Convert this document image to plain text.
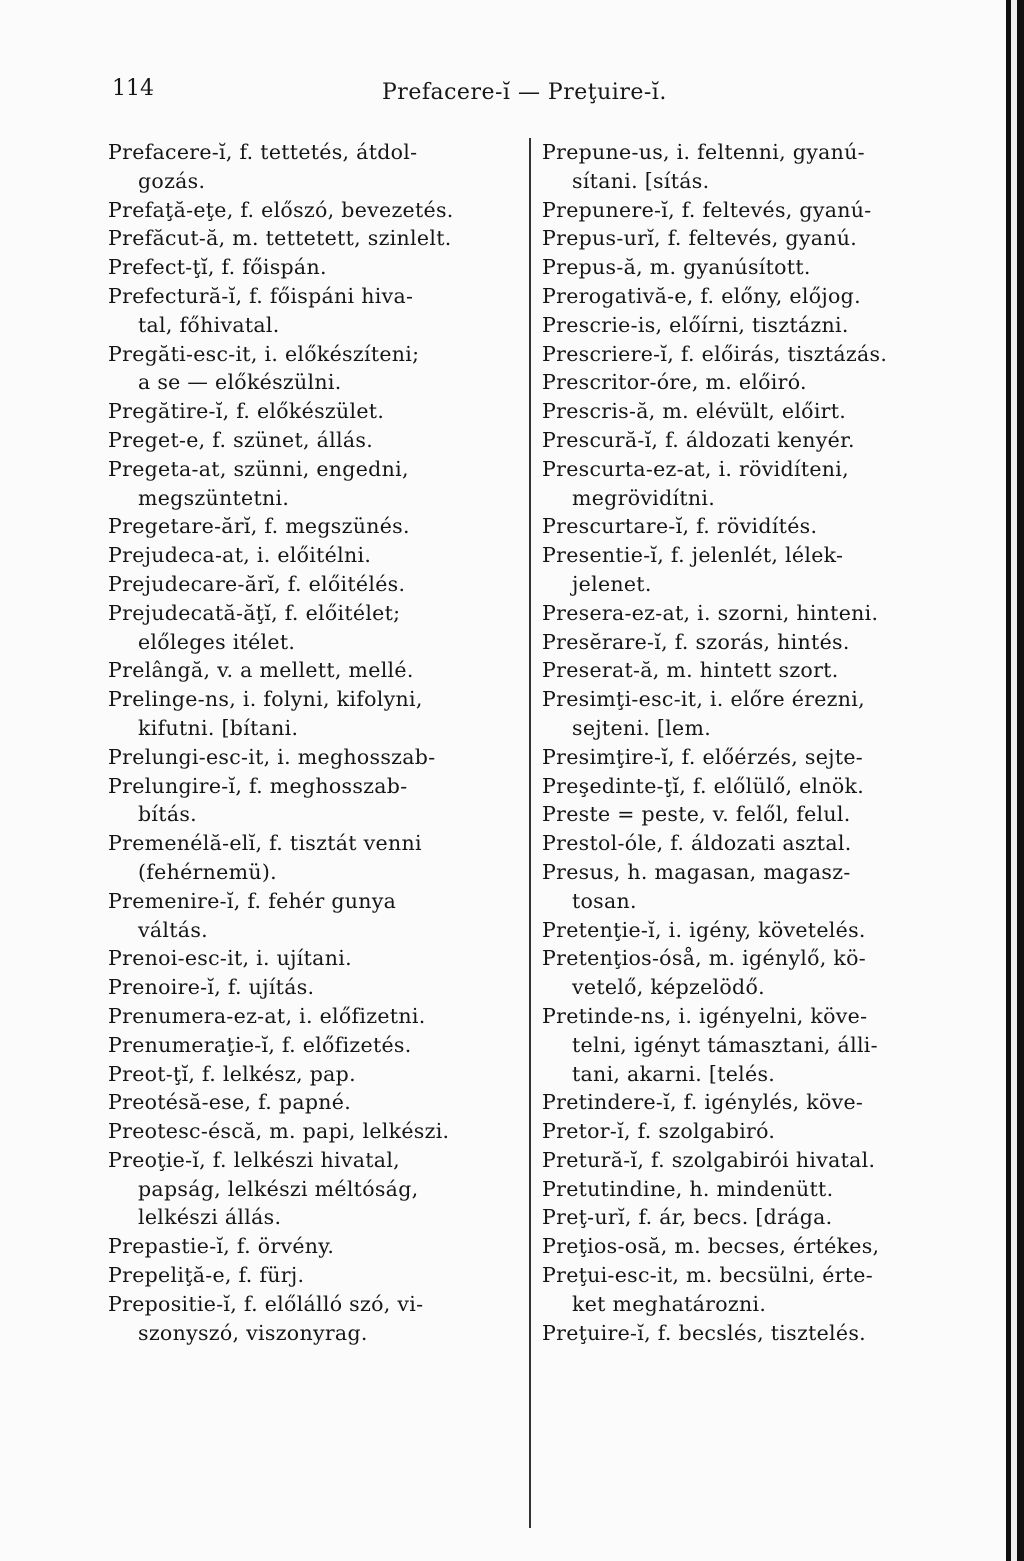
114	Prefacere-ĭ — Preţuire-ĭ.
Prefacere-ĭ, f. tettetés, átdol-
gozás.
Prefaţă-eţe, f. előszó, bevezetés.
Prefăcut-ă, m. tettetett, szinlelt.
Prefect-ţĭ, f. főispán.
Prefectură-ĭ, f. főispáni hiva-
tal, főhivatal.
Pregăti-esc-it, i. előkészíteni;
a se — előkészülni.
Pregătire-ĭ, f. előkészület.
Preget-e, f. szünet, állás.
Pregeta-at, szünni, engedni,
megszüntetni.
Pregetare-ărĭ, f. megszünés.
Prejudeca-at, i. előitélni.
Prejudecare-ărĭ, f. előitélés.
Prejudecată-ăţĭ, f. előitélet;
előleges itélet.
Prelângă, v. a mellett, mellé.
Prelinge-ns, i. folyni, kifolyni,
kifutni. [bítani.
Prelungi-esc-it, i. meghosszab-
Prelungire-ĭ, f. meghosszab-
bítás.
Premenélă-elĭ, f. tisztát venni
(fehérnemü).
Premenire-ĭ, f. fehér gunya
váltás.
Prenoi-esc-it, i. ujítani.
Prenoire-ĭ, f. ujítás.
Prenumera-ez-at, i. előfizetni.
Prenumeraţie-ĭ, f. előfizetés.
Preot-ţĭ, f. lelkész, pap.
Preotésă-ese, f. papné.
Preotesc-éscă, m. papi, lelkészi.
Preoţie-ĭ, f. lelkészi hivatal,
papság, lelkészi méltóság,
lelkészi állás.
Prepastie-ĭ, f. örvény.
Prepeliţă-e, f. fürj.
Prepositie-ĭ, f. előlálló szó, vi-
szonyszó, viszonyrag.
Prepune-us, i. feltenni, gyanú-
sítani. [sítás.
Prepunere-ĭ, f. feltevés, gyanú-
Prepus-urĭ, f. feltevés, gyanú.
Prepus-ă, m. gyanúsított.
Prerogativă-e, f. előny, előjog.
Prescrie-is, előírni, tisztázni.
Prescriere-ĭ, f. előirás, tisztázás.
Prescritor-óre, m. előiró.
Prescris-ă, m. elévült, előirt.
Prescură-ĭ, f. áldozati kenyér.
Prescurta-ez-at, i. rövidíteni,
megrövidítni.
Prescurtare-ĭ, f. rövidítés.
Presentie-ĭ, f. jelenlét, lélek-
jelenet.
Presera-ez-at, i. szorni, hinteni.
Presĕrare-ĭ, f. szorás, hintés.
Preserat-ă, m. hintett szort.
Presimţi-esc-it, i. előre érezni,
sejteni. [lem.
Presimţire-ĭ, f. előérzés, sejte-
Preşedinte-ţĭ, f. előlülő, elnök.
Preste = peste, v. felől, felul.
Prestol-óle, f. áldozati asztal.
Presus, h. magasan, magasz-
tosan.
Pretenţie-ĭ, i. igény, követelés.
Pretenţios-óså, m. igénylő, kö-
vetelő, képzelödő.
Pretinde-ns, i. igényelni, köve-
telni, igényt támasztani, álli-
tani, akarni. [telés.
Pretindere-ĭ, f. igénylés, köve-
Pretor-ĭ, f. szolgabiró.
Pretură-ĭ, f. szolgabirói hivatal.
Pretutindine, h. mindenütt.
Preţ-urĭ, f. ár, becs. [drága.
Preţios-osă, m. becses, értékes,
Preţui-esc-it, m. becsülni, érte-
ket meghatározni.
Preţuire-ĭ, f. becslés, tisztelés.
